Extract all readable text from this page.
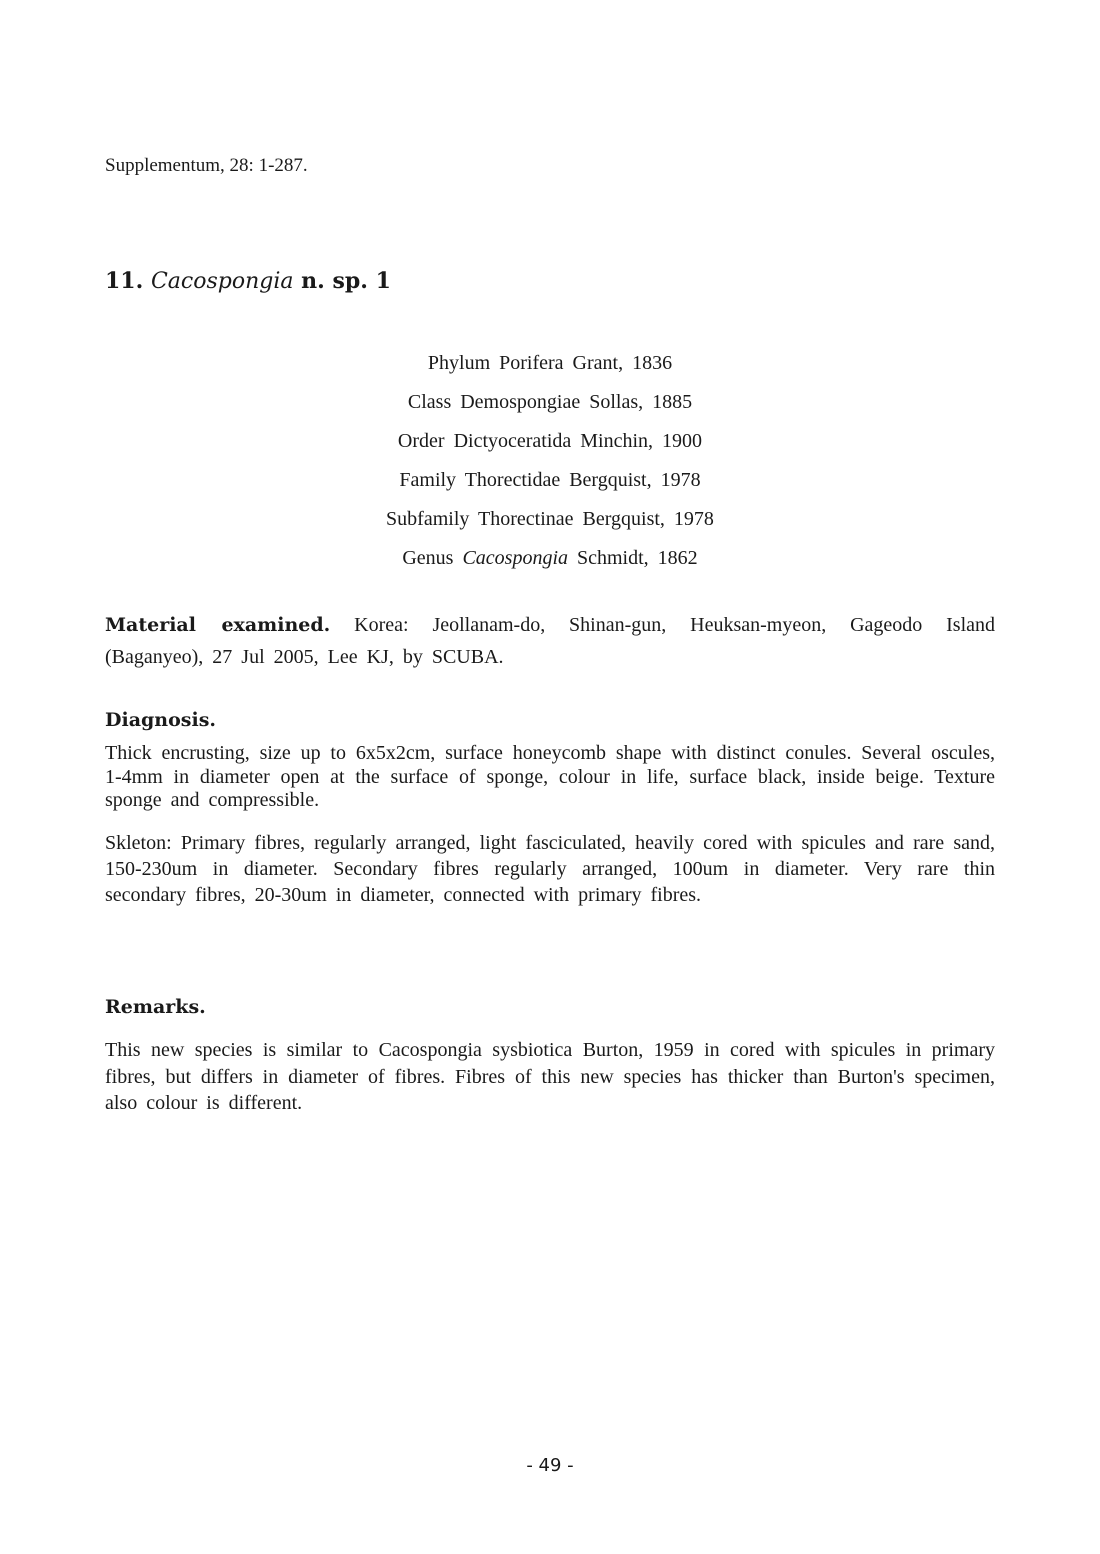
Supplementum, 28: 1-287.
11. Cacospongia n. sp. 1
Phylum Porifera Grant, 1836
Class Demospongiae Sollas, 1885
Order Dictyoceratida Minchin, 1900
Family Thorectidae Bergquist, 1978
Subfamily Thorectinae Bergquist, 1978
Genus Cacospongia Schmidt, 1862
Material examined. Korea: Jeollanam-do, Shinan-gun, Heuksan-myeon, Gageodo Island (Baganyeo), 27 Jul 2005, Lee KJ, by SCUBA.
Diagnosis.
Thick encrusting, size up to 6x5x2cm, surface honeycomb shape with distinct conules. Several oscules, 1-4mm in diameter open at the surface of sponge, colour in life, surface black, inside beige. Texture sponge and compressible.
Skleton: Primary fibres, regularly arranged, light fasciculated, heavily cored with spicules and rare sand, 150-230um in diameter. Secondary fibres regularly arranged, 100um in diameter. Very rare thin secondary fibres, 20-30um in diameter, connected with primary fibres.
Remarks.
This new species is similar to Cacospongia sysbiotica Burton, 1959 in cored with spicules in primary fibres, but differs in diameter of fibres. Fibres of this new species has thicker than Burton's specimen, also colour is different.
- 49 -
